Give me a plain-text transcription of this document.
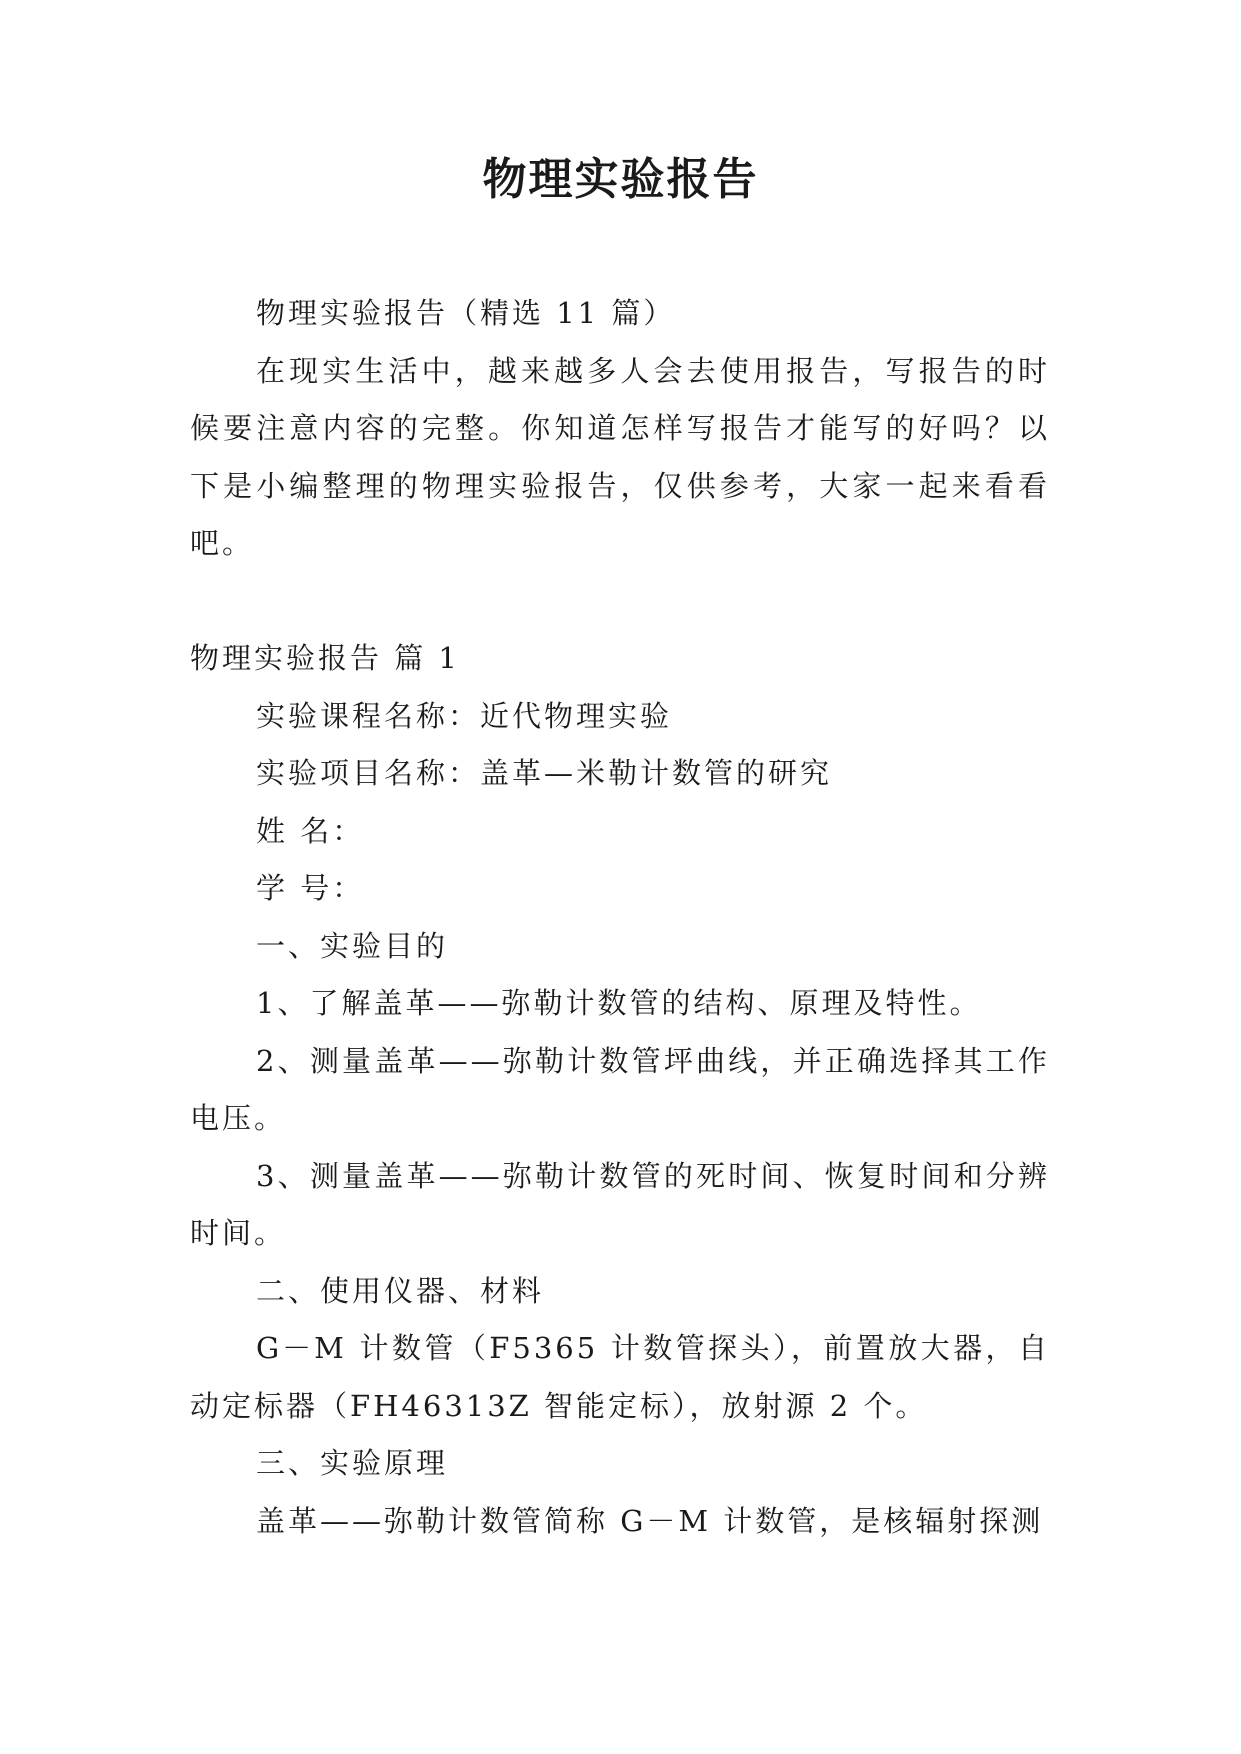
物理实验报告

物理实验报告（精选 11 篇）

在现实生活中，越来越多人会去使用报告，写报告的时候要注意内容的完整。你知道怎样写报告才能写的好吗？以下是小编整理的物理实验报告，仅供参考，大家一起来看看吧。

物理实验报告 篇 1

实验课程名称：近代物理实验

实验项目名称：盖革—米勒计数管的研究

姓 名：

学 号：

一、实验目的

1、了解盖革——弥勒计数管的结构、原理及特性。

2、测量盖革——弥勒计数管坪曲线，并正确选择其工作电压。

3、测量盖革——弥勒计数管的死时间、恢复时间和分辨时间。

二、使用仪器、材料

G－M 计数管（F5365 计数管探头），前置放大器，自动定标器（FH46313Z 智能定标），放射源 2 个。

三、实验原理

盖革——弥勒计数管简称 G－M 计数管，是核辐射探测
